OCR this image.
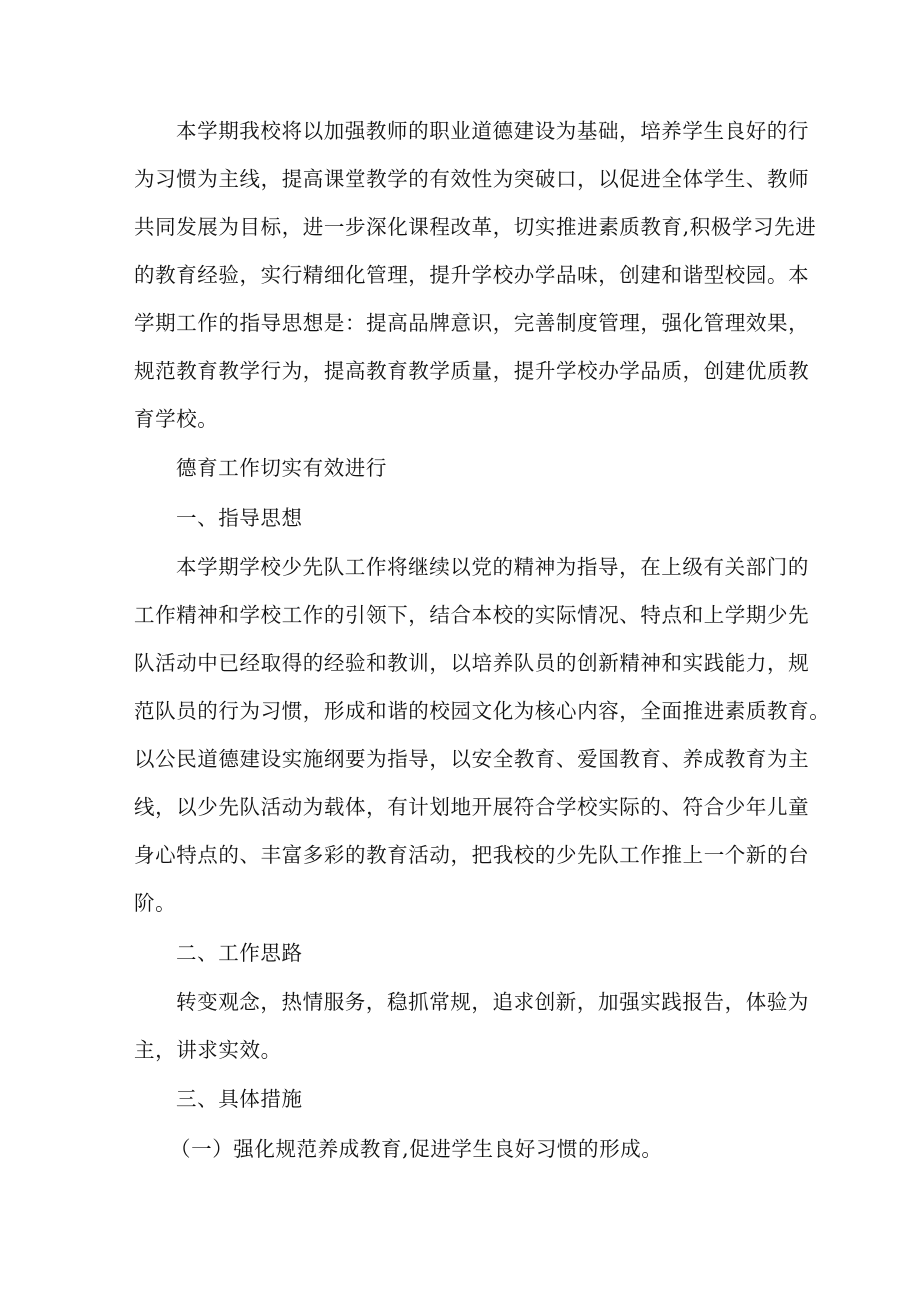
本学期我校将以加强教师的职业道德建设为基础，培养学生良好的行
为习惯为主线，提高课堂教学的有效性为突破口，以促进全体学生、教师
共同发展为目标，进一步深化课程改革，切实推进素质教育,积极学习先进
的教育经验，实行精细化管理，提升学校办学品味，创建和谐型校园。本
学期工作的指导思想是：提高品牌意识，完善制度管理，强化管理效果，
规范教育教学行为，提高教育教学质量，提升学校办学品质，创建优质教
育学校。
德育工作切实有效进行
一、指导思想
本学期学校少先队工作将继续以党的精神为指导，在上级有关部门的
工作精神和学校工作的引领下，结合本校的实际情况、特点和上学期少先
队活动中已经取得的经验和教训，以培养队员的创新精神和实践能力，规
范队员的行为习惯，形成和谐的校园文化为核心内容，全面推进素质教育。
以公民道德建设实施纲要为指导，以安全教育、爱国教育、养成教育为主
线，以少先队活动为载体，有计划地开展符合学校实际的、符合少年儿童
身心特点的、丰富多彩的教育活动，把我校的少先队工作推上一个新的台
阶。
二、工作思路
转变观念，热情服务，稳抓常规，追求创新，加强实践报告，体验为
主，讲求实效。
三、具体措施
（一）强化规范养成教育,促进学生良好习惯的形成。
